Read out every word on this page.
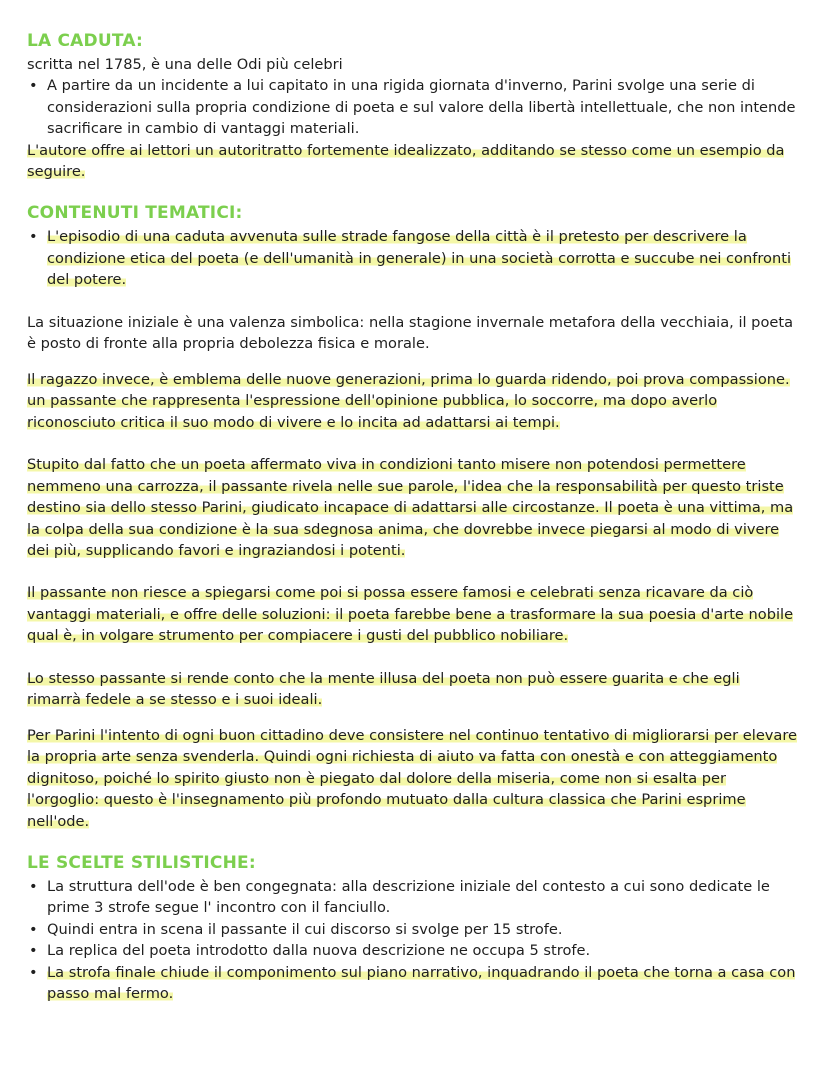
LA CADUTA:

scritta nel 1785, è una delle Odi più celebri

• A partire da un incidente a lui capitato in una rigida giornata d'inverno, Parini svolge una serie di considerazioni sulla propria condizione di poeta e sul valore della libertà intellettuale, che non intende sacrificare in cambio di vantaggi materiali.

L'autore offre ai lettori un autoritratto fortemente idealizzato, additando se stesso come un esempio da seguire.

CONTENUTI TEMATICI:
• L'episodio di una caduta avvenuta sulle strade fangose della città è il pretesto per descrivere la condizione etica del poeta (e dell'umanità in generale) in una società corrotta e succube nei confronti del potere.

La situazione iniziale è una valenza simbolica: nella stagione invernale metafora della vecchiaia, il poeta è posto di fronte alla propria debolezza fisica e morale.

Il ragazzo invece, è emblema delle nuove generazioni, prima lo guarda ridendo, poi prova compassione. un passante che rappresenta l'espressione dell'opinione pubblica, lo soccorre, ma dopo averlo riconosciuto critica il suo modo di vivere e lo incita ad adattarsi ai tempi.

Stupito dal fatto che un poeta affermato viva in condizioni tanto misere non potendosi permettere nemmeno una carrozza, il passante rivela nelle sue parole, l'idea che la responsabilità per questo triste destino sia dello stesso Parini, giudicato incapace di adattarsi alle circostanze. Il poeta è una vittima, ma la colpa della sua condizione è la sua sdegnosa anima, che dovrebbe invece piegarsi al modo di vivere dei più, supplicando favori e ingraziandosi i potenti.

Il passante non riesce a spiegarsi come poi si possa essere famosi e celebrati senza ricavare da ciò vantaggi materiali, e offre delle soluzioni: il poeta farebbe bene a trasformare la sua poesia d'arte nobile qual è, in volgare strumento per compiacere i gusti del pubblico nobiliare.

Lo stesso passante si rende conto che la mente illusa del poeta non può essere guarita e che egli rimarrà fedele a se stesso e i suoi ideali.

Per Parini l'intento di ogni buon cittadino deve consistere nel continuo tentativo di migliorarsi per elevare la propria arte senza svenderla. Quindi ogni richiesta di aiuto va fatta con onestà e con atteggiamento dignitoso, poiché lo spirito giusto non è piegato dal dolore della miseria, come non si esalta per l'orgoglio: questo è l'insegnamento più profondo mutuato dalla cultura classica che Parini esprime nell'ode.

LE SCELTE STILISTICHE:
• La struttura dell'ode è ben congegnata: alla descrizione iniziale del contesto a cui sono dedicate le prime 3 strofe segue l' incontro con il fanciullo.
• Quindi entra in scena il passante il cui discorso si svolge per 15 strofe.
• La replica del poeta introdotto dalla nuova descrizione ne occupa 5 strofe.
• La strofa finale chiude il componimento sul piano narrativo, inquadrando il poeta che torna a casa con passo mal fermo.
